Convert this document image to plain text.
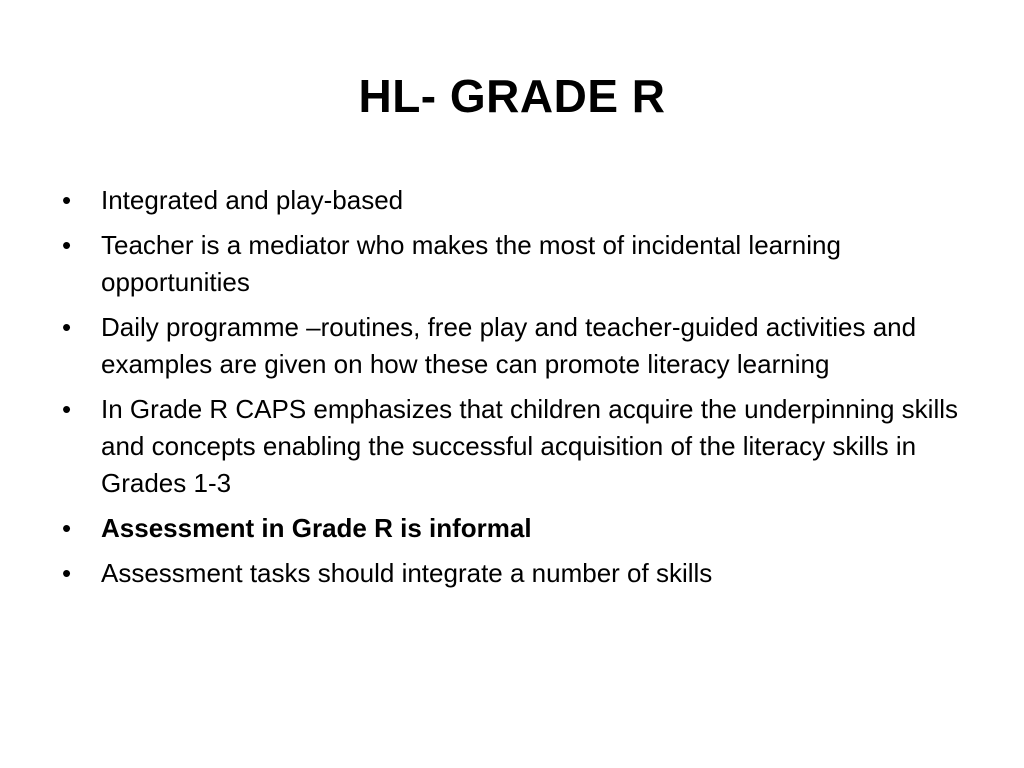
HL- GRADE R
• Integrated and play-based
• Teacher is a mediator who makes the most of incidental learning opportunities
• Daily programme –routines, free play and teacher-guided activities and examples are given on how these can promote literacy learning
• In Grade R CAPS emphasizes that children acquire the underpinning skills and concepts enabling the successful acquisition of the literacy skills in Grades 1-3
• Assessment in Grade R is informal
• Assessment tasks should integrate a number of skills
